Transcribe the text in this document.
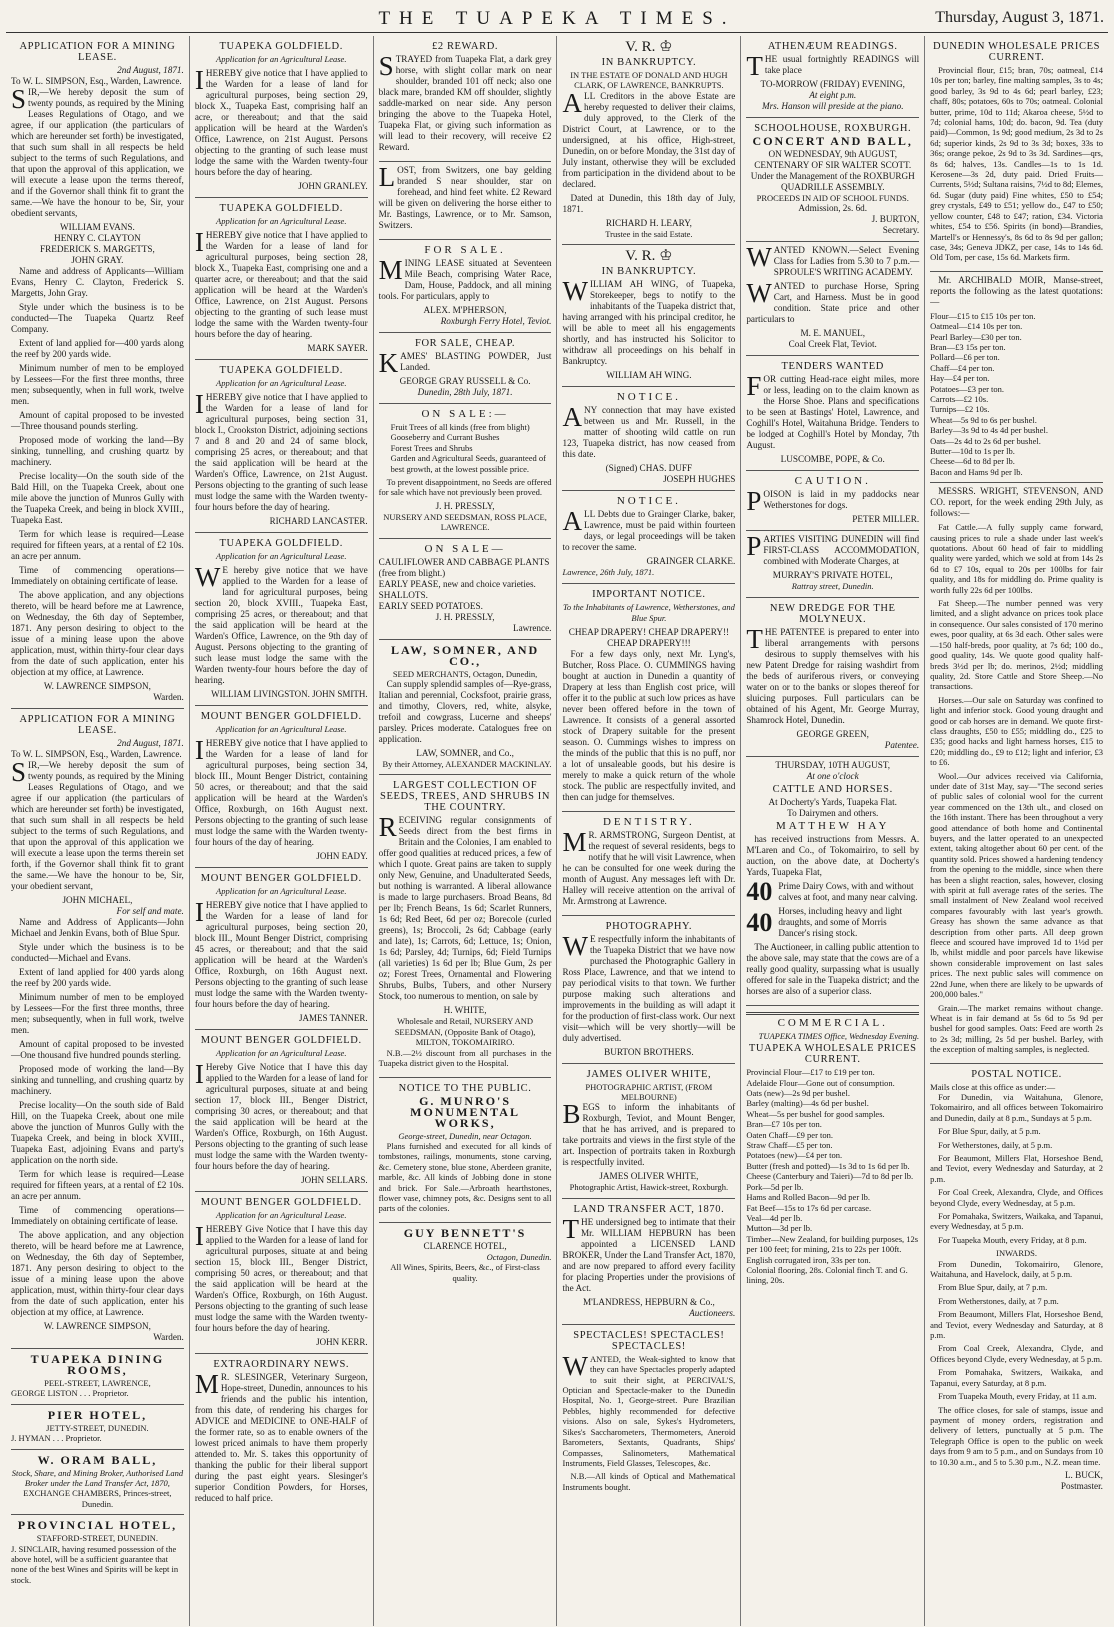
THE TUAPEKA TIMES.	Thursday, August 3, 1871.
APPLICATION FOR A MINING LEASE.
2nd August, 1871.
To W. L. SIMPSON, Esq., Warden, Lawrence.

SIR,—We hereby deposit the sum of twenty pounds, as required by the Mining Leases Regulations of Otago, and we agree, if our application (the particulars of which are hereunder set forth) be investigated, that such sum shall in all respects be held subject to the terms of such Regulations, and that upon the approval of this application, we will execute a lease upon the terms thereof, and if the Governor shall think fit to grant the same.—We have the honour to be, Sir, your obedient servants,

WILLIAM EVANS.
HENRY C. CLAYTON
FREDERICK S. MARGETTS,
JOHN GRAY.

Name and address of Applicants—William Evans, Henry C. Clayton, Frederick S. Margetts, John Gray.

Style under which the business is to be conducted—The Tuapeka Quartz Reef Company.

Extent of land applied for—400 yards along the reef by 200 yards wide.

Minimum number of men to be employed by Lessees—For the first three months, three men; subsequently, when in full work, twelve men.

Amount of capital proposed to be invested—Three thousand pounds sterling.

Proposed mode of working the land—By sinking, tunnelling, and crushing quartz by machinery.

Precise locality—On the south side of the Bald Hill, on the Tuapeka Creek, about one mile above the junction of Munros Gully with the Tuapeka Creek, and being in block XVIII., Tuapeka East.

Term for which lease is required—Lease required for fifteen years, at a rental of £2 10s. an acre per annum.

Time of commencing operations—Immediately on obtaining certificate of lease.

The above application, and any objections thereto, will be heard before me at Lawrence, on Wednesday, the 6th day of September, 1871. Any person desiring to object to the issue of a mining lease upon the above application, must, within thirty-four clear days from the date of such application, enter his objection at my office, at Lawrence.

W. LAWRENCE SIMPSON,
Warden.
APPLICATION FOR A MINING LEASE.
2nd August, 1871.
To W. L. SIMPSON, Esq., Warden, Lawrence.

SIR,—We hereby deposit the sum of twenty pounds, as required by the Mining Leases Regulations of Otago, and we agree if our application (the particulars of which are hereunder set forth) be investigated, that such sum shall in all respects be held subject to the terms of such Regulations, and that upon the approval of this application we will execute a lease upon the terms therein set forth, if the Governor shall think fit to grant the same.—We have the honour to be, Sir, your obedient servant,

JOHN MICHAEL,
For self and mate.

Name and Address of Applicants—John Michael and Jenkin Evans, both of Blue Spur.

Style under which the business is to be conducted—Michael and Evans.

Extent of land applied for 400 yards along the reef by 200 yards wide.

Minimum number of men to be employed by Lessees—For the first three months, three men; subsequently, when in full work, twelve men.

Amount of capital proposed to be invested—One thousand five hundred pounds sterling.

Proposed mode of working the land—By sinking and tunnelling, and crushing quartz by machinery.

Precise locality—On the south side of Bald Hill, on the Tuapeka Creek, about one mile above the junction of Munros Gully with the Tuapeka Creek, and being in block XVIII., Tuapeka East, adjoining Evans and party's application on the north side.

Term for which lease is required—Lease required for fifteen years, at a rental of £2 10s. an acre per annum.

Time of commencing operations—Immediately on obtaining certificate of lease.

The above application, and any objection thereto, will be heard before me at Lawrence, on Wednesday, the 6th day of September, 1871. Any person desiring to object to the issue of a mining lease upon the above application, must, within thirty-four clear days from the date of such application, enter his objection at my office, at Lawrence.

W. LAWRENCE SIMPSON,
Warden.
TUAPEKA DINING ROOMS,
PEEL-STREET, LAWRENCE,
GEORGE LISTON . . . Proprietor.
PIER HOTEL,
JETTY-STREET, DUNEDIN.
J. HYMAN . . . Proprietor.
W. ORAM BALL,
Stock, Share, and Mining Broker, Authorised Land Broker under the Land Transfer Act, 1870,
EXCHANGE CHAMBERS, Princes-street, Dunedin.
PROVINCIAL HOTEL,
STAFFORD-STREET, DUNEDIN.
J. SINCLAIR, having resumed possession of the above hotel, will be a sufficient guarantee that none of the best Wines and Spirits will be kept in stock.
TUAPEKA GOLDFIELD.
Application for an Agricultural Lease.

IHEREBY give notice that I have applied to the Warden for a lease of land for agricultural purposes, being section 29, block X., Tuapeka East, comprising half an acre, or thereabout; and that the said application will be heard at the Warden's Office, Lawrence, on 21st August. Persons objecting to the granting of such lease must lodge the same with the Warden twenty-four hours before the day of hearing.

JOHN GRANLEY.
TUAPEKA GOLDFIELD.
Application for an Agricultural Lease.

IHEREBY give notice that I have applied to the Warden for a lease of land for agricultural purposes, being section 28, block X., Tuapeka East, comprising one and a quarter acre, or thereabout; and that the said application will be heard at the Warden's Office, Lawrence, on 21st August. Persons objecting to the granting of such lease must lodge the same with the Warden twenty-four hours before the day of hearing.

MARK SAYER.
TUAPEKA GOLDFIELD.
Application for an Agricultural Lease.

IHEREBY give notice that I have applied to the Warden for a lease of land for agricultural purposes, being section 31, block I., Crookston District, adjoining sections 7 and 8 and 20 and 24 of same block, comprising 25 acres, or thereabout; and that the said application will be heard at the Warden's Office, Lawrence, on 21st August. Persons objecting to the granting of such lease must lodge the same with the Warden twenty-four hours before the day of hearing.

RICHARD LANCASTER.
TUAPEKA GOLDFIELD.
Application for an Agricultural Lease.

WE hereby give notice that we have applied to the Warden for a lease of land for agricultural purposes, being section 20, block XVIII., Tuapeka East, comprising 25 acres, or thereabout; and that the said application will be heard at the Warden's Office, Lawrence, on the 9th day of August. Persons objecting to the granting of such lease must lodge the same with the Warden twenty-four hours before the day of hearing.

WILLIAM LIVINGSTON. JOHN SMITH.
MOUNT BENGER GOLDFIELD.
Application for an Agricultural Lease.

IHEREBY give notice that I have applied to the Warden for a lease of land for agricultural purposes, being section 34, block III., Mount Benger District, containing 50 acres, or thereabout; and that the said application will be heard at the Warden's Office, Roxburgh, on 16th August next. Persons objecting to the granting of such lease must lodge the same with the Warden twenty-four hours of the day of hearing.

JOHN EADY.
MOUNT BENGER GOLDFIELD.
Application for an Agricultural Lease.

IHEREBY give notice that I have applied to the Warden for a lease of land for agricultural purposes, being section 20, block III., Mount Benger District, comprising 45 acres, or thereabout; and that the said application will be heard at the Warden's Office, Roxburgh, on 16th August next. Persons objecting to the granting of such lease must lodge the same with the Warden twenty-four hours before the day of hearing.

JAMES TANNER.
MOUNT BENGER GOLDFIELD.
Application for an Agricultural Lease.

IHereby Give Notice that I have this day applied to the Warden for a lease of land for agricultural purposes, situate at and being section 17, block III., Benger District, comprising 30 acres, or thereabout; and that the said application will be heard at the Warden's Office, Roxburgh, on 16th August. Persons objecting to the granting of such lease must lodge the same with the Warden twenty-four hours before the day of hearing.

JOHN SELLARS.
MOUNT BENGER GOLDFIELD.
Application for an Agricultural Lease.

IHEREBY Give Notice that I have this day applied to the Warden for a lease of land for agricultural purposes, situate at and being section 15, block III., Benger District, comprising 50 acres, or thereabout; and that the said application will be heard at the Warden's Office, Roxburgh, on 16th August. Persons objecting to the granting of such lease must lodge the same with the Warden twenty-four hours before the day of hearing.

JOHN KERR.
EXTRAORDINARY NEWS.

MR. SLESINGER, Veterinary Surgeon, Hope-street, Dunedin, announces to his friends and the public his intention, from this date, of rendering his charges for ADVICE and MEDICINE to ONE-HALF of the former rate, so as to enable owners of the lowest priced animals to have them properly attended to. Mr. S. takes this opportunity of thanking the public for their liberal support during the past eight years. Slesinger's superior Condition Powders, for Horses, reduced to half price.

£2 REWARD.

STRAYED from Tuapeka Flat, a dark grey horse, with slight collar mark on near shoulder, branded 101 off neck; also one black mare, branded KM off shoulder, slightly saddle-marked on near side. Any person bringing the above to the Tuapeka Hotel, Tuapeka Flat, or giving such information as will lead to their recovery, will receive £2 Reward.

LOST, from Switzers, one bay gelding branded S near shoulder, star on forehead, and hind feet white. £2 Reward will be given on delivering the horse either to Mr. Bastings, Lawrence, or to Mr. Samson, Switzers.

FOR SALE.

MINING LEASE situated at Seventeen Mile Beach, comprising Water Race, Dam, House, Paddock, and all mining tools. For particulars, apply to

ALEX. M'PHERSON,
Roxburgh Ferry Hotel, Teviot.
FOR SALE, CHEAP.

KAMES' BLASTING POWDER, Just Landed.

GEORGE GRAY RUSSELL & Co.
Dunedin, 28th July, 1871.
ON SALE:—
Fruit Trees of all kinds (free from blight)
Gooseberry and Currant Bushes
Forest Trees and Shrubs
Garden and Agricultural Seeds, guaranteed of best growth, at the lowest possible price.

To prevent disappointment, no Seeds are offered for sale which have not previously been proved.

J. H. PRESSLY,
NURSERY AND SEEDSMAN, ROSS PLACE, LAWRENCE.
ON SALE—
CAULIFLOWER AND CABBAGE PLANTS (free from blight.)
EARLY PEASE, new and choice varieties.
SHALLOTS.
EARLY SEED POTATOES.
J. H. PRESSLY,
Lawrence.
LAW, SOMNER, AND CO.,
SEED MERCHANTS, Octagon, Dunedin,

Can supply splendid samples of—Rye-grass, Italian and perennial, Cocksfoot, prairie grass, and timothy, Clovers, red, white, alsyke, trefoil and cowgrass, Lucerne and sheeps' parsley. Prices moderate. Catalogues free on application.

LAW, SOMNER, and Co.,
By their Attorney, ALEXANDER MACKINLAY.
LARGEST COLLECTION OF SEEDS, TREES, AND SHRUBS IN THE COUNTRY.

RECEIVING regular consignments of Seeds direct from the best firms in Britain and the Colonies, I am enabled to offer good qualities at reduced prices, a few of which I quote. Great pains are taken to supply only New, Genuine, and Unadulterated Seeds, but nothing is warranted. A liberal allowance is made to large purchasers. Broad Beans, 8d per lb; French Beans, 1s 6d; Scarlet Runners, 1s 6d; Red Beet, 6d per oz; Borecole (curled greens), 1s; Broccoli, 2s 6d; Cabbage (early and late), 1s; Carrots, 6d; Lettuce, 1s; Onion, 1s 6d; Parsley, 4d; Turnips, 6d; Field Turnips (all varieties) 1s 6d per lb; Blue Gum, 2s per oz; Forest Trees, Ornamental and Flowering Shrubs, Bulbs, Tubers, and other Nursery Stock, too numerous to mention, on sale by

H. WHITE,
Wholesale and Retail, NURSERY AND SEEDSMAN, (Opposite Bank of Otago), MILTON, TOKOMAIRIRO.

N.B.—2½ discount from all purchases in the Tuapeka district given to the Hospital.

NOTICE TO THE PUBLIC.
G. MUNRO'S MONUMENTAL WORKS,
George-street, Dunedin, near Octagon.

Plans furnished and executed for all kinds of tombstones, railings, monuments, stone carving, &c. Cemetery stone, blue stone, Aberdeen granite, marble, &c. All kinds of Jobbing done in stone and brick. For Sale.—Arbroath hearthstones, flower vase, chimney pots, &c. Designs sent to all parts of the colonies.

GUY BENNETT'S
CLARENCE HOTEL,
Octagon, Dunedin.
All Wines, Spirits, Beers, &c., of First-class quality.
V. R. ♔
IN BANKRUPTCY.
IN THE ESTATE OF DONALD AND HUGH CLARK, OF LAWRENCE, BANKRUPTS.

ALL Creditors in the above Estate are hereby requested to deliver their claims, duly approved, to the Clerk of the District Court, at Lawrence, or to the undersigned, at his office, High-street, Dunedin, on or before Monday, the 31st day of July instant, otherwise they will be excluded from participation in the dividend about to be declared.

Dated at Dunedin, this 18th day of July, 1871.

RICHARD H. LEARY,
Trustee in the said Estate.
V. R. ♔
IN BANKRUPTCY.

WILLIAM AH WING, of Tuapeka, Storekeeper, begs to notify to the inhabitants of the Tuapeka district that, having arranged with his principal creditor, he will be able to meet all his engagements shortly, and has instructed his Solicitor to withdraw all proceedings on his behalf in Bankruptcy.

WILLIAM AH WING.
NOTICE.

ANY connection that may have existed between us and Mr. Russell, in the matter of shooting wild cattle on run 123, Tuapeka district, has now ceased from this date.

(Signed) CHAS. DUFF
JOSEPH HUGHES
NOTICE.

ALL Debts due to Grainger Clarke, baker, Lawrence, must be paid within fourteen days, or legal proceedings will be taken to recover the same.

GRAINGER CLARKE.
Lawrence, 26th July, 1871.
IMPORTANT NOTICE.
To the Inhabitants of Lawrence, Wetherstones, and Blue Spur.
CHEAP DRAPERY! CHEAP DRAPERY!! CHEAP DRAPERY!!!

For a few days only, next Mr. Lyng's, Butcher, Ross Place. O. CUMMINGS having bought at auction in Dunedin a quantity of Drapery at less than English cost price, will offer it to the public at such low prices as have never been offered before in the town of Lawrence. It consists of a general assorted stock of Drapery suitable for the present season. O. Cummings wishes to impress on the minds of the public that this is no puff, nor a lot of unsaleable goods, but his desire is merely to make a quick return of the whole stock. The public are respectfully invited, and then can judge for themselves.

DENTISTRY.

MR. ARMSTRONG, Surgeon Dentist, at the request of several residents, begs to notify that he will visit Lawrence, when he can be consulted for one week during the month of August. Any messages left with Dr. Halley will receive attention on the arrival of Mr. Armstrong at Lawrence.

PHOTOGRAPHY.

WE respectfully inform the inhabitants of the Tuapeka District that we have now purchased the Photographic Gallery in Ross Place, Lawrence, and that we intend to pay periodical visits to that town. We further purpose making such alterations and improvements in the building as will adapt it for the production of first-class work. Our next visit—which will be very shortly—will be duly advertised.

BURTON BROTHERS.
JAMES OLIVER WHITE,
PHOTOGRAPHIC ARTIST, (FROM MELBOURNE)

BEGS to inform the inhabitants of Roxburgh, Teviot, and Mount Benger, that he has arrived, and is prepared to take portraits and views in the first style of the art. Inspection of portraits taken in Roxburgh is respectfully invited.

JAMES OLIVER WHITE,
Photographic Artist, Hawick-street, Roxburgh.
LAND TRANSFER ACT, 1870.

THE undersigned beg to intimate that their Mr. WILLIAM HEPBURN has been appointed a LICENSED LAND BROKER, Under the Land Transfer Act, 1870, and are now prepared to afford every facility for placing Properties under the provisions of the Act.

M'LANDRESS, HEPBURN & Co.,
Auctioneers.
SPECTACLES! SPECTACLES! SPECTACLES!

WANTED, the Weak-sighted to know that they can have Spectacles properly adapted to suit their sight, at PERCIVAL'S, Optician and Spectacle-maker to the Dunedin Hospital, No. 1, George-street. Pure Brazilian Pebbles, highly recommended for defective visions. Also on sale, Sykes's Hydrometers, Sikes's Saccharometers, Thermometers, Aneroid Barometers, Sextants, Quadrants, Ships' Compasses, Salinometers, Mathematical Instruments, Field Glasses, Telescopes, &c.

N.B.—All kinds of Optical and Mathematical Instruments bought.

ATHENÆUM READINGS.

THE usual fortnightly READINGS will take place

TO-MORROW (FRIDAY) EVENING,
At eight p.m.
Mrs. Hanson will preside at the piano.
SCHOOLHOUSE, ROXBURGH.
CONCERT AND BALL,
ON WEDNESDAY, 9th AUGUST,
CENTENARY OF SIR WALTER SCOTT.
Under the Management of the ROXBURGH QUADRILLE ASSEMBLY.
PROCEEDS IN AID OF SCHOOL FUNDS.
Admission, 2s. 6d.
J. BURTON,
Secretary.

WANTED KNOWN.—Select Evening Class for Ladies from 5.30 to 7 p.m.—SPROULE'S WRITING ACADEMY.

WANTED to purchase Horse, Spring Cart, and Harness. Must be in good condition. State price and other particulars to

M. E. MANUEL,
Coal Creek Flat, Teviot.
TENDERS WANTED

FOR cutting Head-race eight miles, more or less, leading on to the claim known as the Horse Shoe. Plans and specifications to be seen at Bastings' Hotel, Lawrence, and Coghill's Hotel, Waitahuna Bridge. Tenders to be lodged at Coghill's Hotel by Monday, 7th August.

LUSCOMBE, POPE, & Co.
CAUTION.

POISON is laid in my paddocks near Wetherstones for dogs.

PETER MILLER.

PARTIES VISITING DUNEDIN will find FIRST-CLASS ACCOMMODATION, combined with Moderate Charges, at

MURRAY'S PRIVATE HOTEL,
Rattray street, Dunedin.
NEW DREDGE FOR THE MOLYNEUX.

THE PATENTEE is prepared to enter into liberal arrangements with persons desirous to supply themselves with his new Patent Dredge for raising washdirt from the beds of auriferous rivers, or conveying water on or to the banks or slopes thereof for sluicing purposes. Full particulars can be obtained of his Agent, Mr. George Murray, Shamrock Hotel, Dunedin.

GEORGE GREEN,
Patentee.
THURSDAY, 10TH AUGUST,
At one o'clock
CATTLE AND HORSES.
At Docherty's Yards, Tuapeka Flat.
To Dairymen and others.
MATTHEW HAY

has received instructions from Messrs. A. M'Laren and Co., of Tokomairiro, to sell by auction, on the above date, at Docherty's Yards, Tuapeka Flat,

40 Prime Dairy Cows, with and without calves at foot, and many near calving.
40 Horses, including heavy and light draughts, and some of Morris Dancer's rising stock.

The Auctioneer, in calling public attention to the above sale, may state that the cows are of a really good quality, surpassing what is usually offered for sale in the Tuapeka district; and the horses are also of a superior class.

COMMERCIAL.
TUAPEKA TIMES Office, Wednesday Evening.
TUAPEKA WHOLESALE PRICES CURRENT.
Provincial Flour—£17 to £19 per ton.
Adelaide Flour—Gone out of consumption.
Oats (new)—2s 9d per bushel.
Barley (malting)—4s 6d per bushel.
Wheat—5s per bushel for good samples.
Bran—£7 10s per ton.
Oaten Chaff—£9 per ton.
Straw Chaff—£5 per ton.
Potatoes (new)—£4 per ton.
Butter (fresh and potted)—1s 3d to 1s 6d per lb.
Cheese (Canterbury and Taieri)—7d to 8d per lb.
Pork—5d per lb.
Hams and Rolled Bacon—9d per lb.
Fat Beef—15s to 17s 6d per carcase.
Veal—4d per lb.
Mutton—3d per lb.
Timber—New Zealand, for building purposes, 12s per 100 feet; for mining, 21s to 22s per 100ft.
English corrugated iron, 33s per ton.
Colonial flooring, 28s. Colonial finch T. and G. lining, 20s.
DUNEDIN WHOLESALE PRICES CURRENT.

Provincial flour, £15; bran, 70s; oatmeal, £14 10s per ton; barley, fine malting samples, 3s to 4s; good barley, 3s 9d to 4s 6d; pearl barley, £23; chaff, 80s; potatoes, 60s to 70s; oatmeal. Colonial butter, prime, 10d to 11d; Akaroa cheese, 5½d to 7d; colonial hams, 10d; do. bacon, 9d. Tea (duty paid)—Common, 1s 9d; good medium, 2s 3d to 2s 6d; superior kinds, 2s 9d to 3s 3d; boxes, 33s to 36s; orange pekoe, 2s 9d to 3s 3d. Sardines—qrs, 8s 6d; halves, 13s. Candles—1s to 1s 1d. Kerosene—3s 2d, duty paid. Dried Fruits—Currents, 5½d; Sultana raisins, 7½d to 8d; Elemes, 6d. Sugar (duty paid) Fine whites, £50 to £54; grey crystals, £49 to £51; yellow do., £47 to £50; yellow counter, £48 to £47; ration, £34. Victoria whites, £54 to £56. Spirits (in bond)—Brandies, Martell's or Hennessy's, 8s 6d to 8s 9d per gallon; case, 34s; Geneva JDKZ, per case, 14s to 14s 6d. Old Tom, per case, 15s 6d. Markets firm.

Mr. ARCHIBALD MOIR, Manse-street, reports the following as the latest quotations:—

Flour—£15 to £15 10s per ton.
Oatmeal—£14 10s per ton.
Pearl Barley—£30 per ton.
Bran—£3 15s per ton.
Pollard—£6 per ton.
Chaff—£4 per ton.
Hay—£4 per ton.
Potatoes—£3 per ton.
Carrots—£2 10s.
Turnips—£2 10s.
Wheat—5s 9d to 6s per bushel.
Barley—3s 9d to 4s 4d per bushel.
Oats—2s 4d to 2s 6d per bushel.
Butter—10d to 1s per lb.
Cheese—6d to 8d per lb.
Bacon and Hams 9d per lb.

MESSRS. WRIGHT, STEVENSON, AND CO. report, for the week ending 29th July, as follows:—

Fat Cattle.—A fully supply came forward, causing prices to rule a shade under last week's quotations. About 60 head of fair to middling quality were yarded, which we sold at from 14s 2s 6d to £7 10s, equal to 20s per 100lbs for fair quality, and 18s for middling do. Prime quality is worth fully 22s 6d per 100lbs.

Fat Sheep.—The number penned was very limited, and a slight advance on prices took place in consequence. Our sales consisted of 170 merino ewes, poor quality, at 6s 3d each. Other sales were—150 half-breds, poor quality, at 7s 6d; 100 do., good quality, 14s. We quote good quality half-breds 3½d per lb; do. merinos, 2½d; middling quality, 2d. Store Cattle and Store Sheep.—No transactions.

Horses.—Our sale on Saturday was confined to light and inferior stock. Good young draught and good or cab horses are in demand. We quote first-class draughts, £50 to £55; middling do., £25 to £35; good hacks and light harness horses, £15 to £20; middling do., £9 to £12; light and inferior, £3 to £6.

Wool.—Our advices received via California, under date of 31st May, say—"The second series of public sales of colonial wool for the current year commenced on the 13th ult., and closed on the 16th instant. There has been throughout a very good attendance of both home and Continental buyers, and the latter operated to an unexpected extent, taking altogether about 60 per cent. of the quantity sold. Prices showed a hardening tendency from the opening to the middle, since when there has been a slight reaction, sales, however, closing with spirit at full average rates of the series. The small instalment of New Zealand wool received compares favourably with last year's growth. Greasy has shown the same advance as that description from other parts. All deep grown fleece and scoured have improved 1d to 1½d per lb, whilst middle and poor parcels have likewise shown considerable improvement on last sales prices. The next public sales will commence on 22nd June, when there are likely to be upwards of 200,000 bales."

Grain.—The market remains without change. Wheat is in fair demand at 5s 6d to 5s 9d per bushel for good samples. Oats: Feed are worth 2s to 2s 3d; milling, 2s 5d per bushel. Barley, with the exception of malting samples, is neglected.

POSTAL NOTICE.
Mails close at this office as under:—

For Dunedin, via Waitahuna, Glenore, Tokomairiro, and all offices between Tokomairiro and Dunedin, daily at 8 p.m., Sundays at 5 p.m.

For Blue Spur, daily, at 5 p.m.

For Wetherstones, daily, at 5 p.m.

For Beaumont, Millers Flat, Horseshoe Bend, and Teviot, every Wednesday and Saturday, at 2 p.m.

For Coal Creek, Alexandra, Clyde, and Offices beyond Clyde, every Wednesday, at 5 p.m.

For Pomahaka, Switzers, Waikaka, and Tapanui, every Wednesday, at 5 p.m.

For Tuapeka Mouth, every Friday, at 8 p.m.

INWARDS.

From Dunedin, Tokomairiro, Glenore, Waitahuna, and Havelock, daily, at 5 p.m.

From Blue Spur, daily, at 7 p.m.

From Wetherstones, daily, at 7 p.m.

From Beaumont, Millers Flat, Horseshoe Bend, and Teviot, every Wednesday and Saturday, at 8 p.m.

From Coal Creek, Alexandra, Clyde, and Offices beyond Clyde, every Wednesday, at 5 p.m.

From Pomahaka, Switzers, Waikaka, and Tapanui, every Saturday, at 8 p.m.

From Tuapeka Mouth, every Friday, at 11 a.m.

The office closes, for sale of stamps, issue and payment of money orders, registration and delivery of letters, punctually at 5 p.m. The Telegraph Office is open to the public on week days from 9 am to 5 p.m., and on Sundays from 10 to 10.30 a.m., and 5 to 5.30 p.m., N.Z. mean time.

L. BUCK,
Postmaster.
